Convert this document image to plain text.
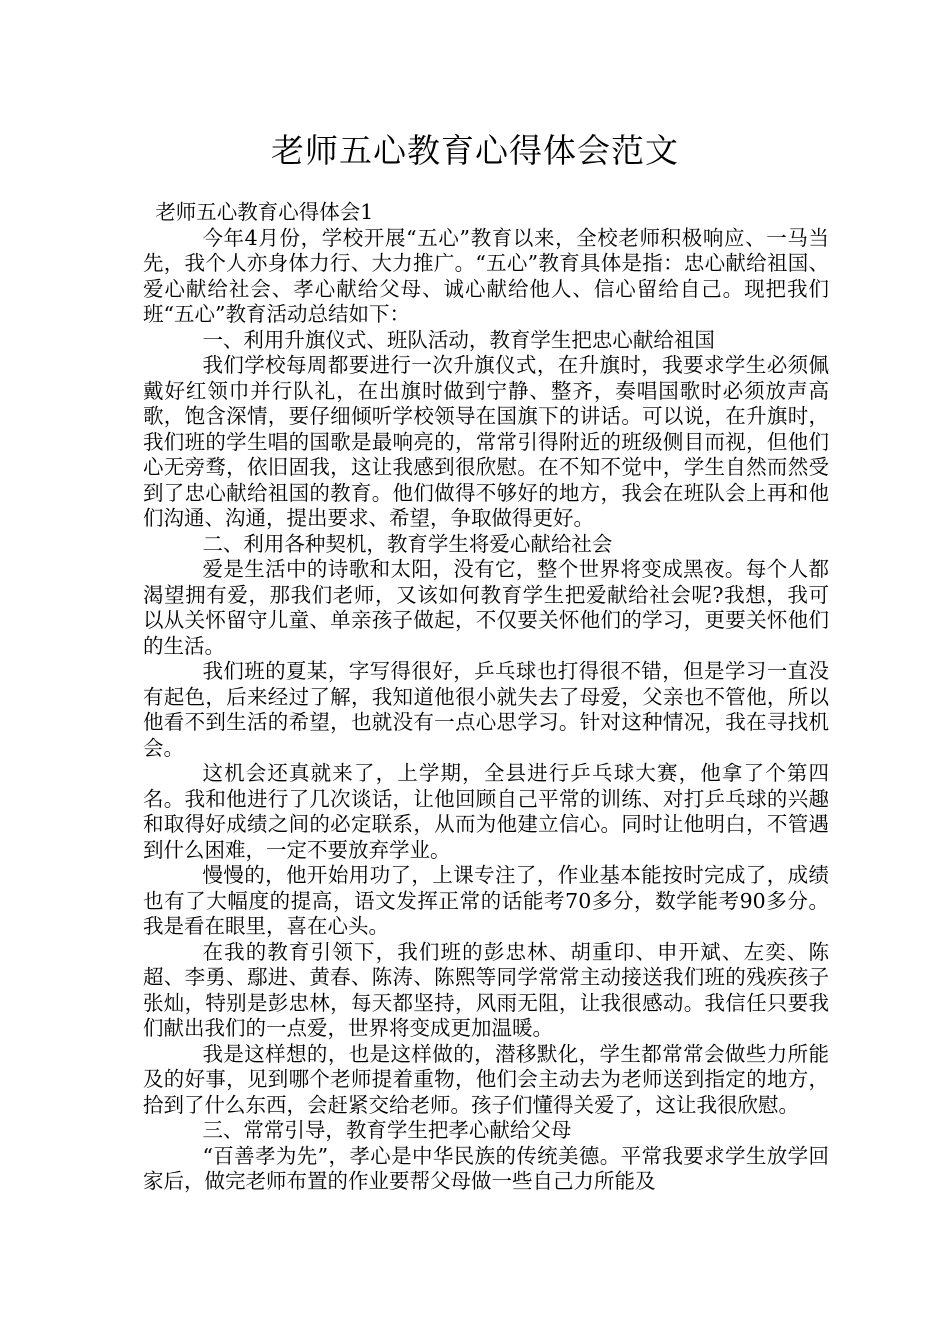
老师五心教育心得体会范文

老师五心教育心得体会1

今年4月份，学校开展“五心”教育以来，全校老师积极响应、一马当先，我个人亦身体力行、大力推广。“五心”教育具体是指：忠心献给祖国、爱心献给社会、孝心献给父母、诚心献给他人、信心留给自己。现把我们班“五心”教育活动总结如下：

一、利用升旗仪式、班队活动，教育学生把忠心献给祖国

我们学校每周都要进行一次升旗仪式，在升旗时，我要求学生必须佩戴好红领巾并行队礼，在出旗时做到宁静、整齐，奏唱国歌时必须放声高歌，饱含深情，要仔细倾听学校领导在国旗下的讲话。可以说，在升旗时，我们班的学生唱的国歌是最响亮的，常常引得附近的班级侧目而视，但他们心无旁骛，依旧固我，这让我感到很欣慰。在不知不觉中，学生自然而然受到了忠心献给祖国的教育。他们做得不够好的地方，我会在班队会上再和他们沟通、沟通，提出要求、希望，争取做得更好。

二、利用各种契机，教育学生将爱心献给社会

爱是生活中的诗歌和太阳，没有它，整个世界将变成黑夜。每个人都渴望拥有爱，那我们老师，又该如何教育学生把爱献给社会呢?我想，我可以从关怀留守儿童、单亲孩子做起，不仅要关怀他们的学习，更要关怀他们的生活。

我们班的夏某，字写得很好，乒乓球也打得很不错，但是学习一直没有起色，后来经过了解，我知道他很小就失去了母爱，父亲也不管他，所以他看不到生活的希望，也就没有一点心思学习。针对这种情况，我在寻找机会。

这机会还真就来了，上学期，全县进行乒乓球大赛，他拿了个第四名。我和他进行了几次谈话，让他回顾自己平常的训练、对打乒乓球的兴趣和取得好成绩之间的必定联系，从而为他建立信心。同时让他明白，不管遇到什么困难，一定不要放弃学业。

慢慢的，他开始用功了，上课专注了，作业基本能按时完成了，成绩也有了大幅度的提高，语文发挥正常的话能考70多分，数学能考90多分。我是看在眼里，喜在心头。

在我的教育引领下，我们班的彭忠林、胡重印、申开斌、左奕、陈超、李勇、鄢进、黄春、陈涛、陈熙等同学常常主动接送我们班的残疾孩子张灿，特别是彭忠林，每天都坚持，风雨无阻，让我很感动。我信任只要我们献出我们的一点爱，世界将变成更加温暖。

我是这样想的，也是这样做的，潜移默化，学生都常常会做些力所能及的好事，见到哪个老师提着重物，他们会主动去为老师送到指定的地方，拾到了什么东西，会赶紧交给老师。孩子们懂得关爱了，这让我很欣慰。

三、常常引导，教育学生把孝心献给父母

“百善孝为先”，孝心是中华民族的传统美德。平常我要求学生放学回家后，做完老师布置的作业要帮父母做一些自己力所能及
